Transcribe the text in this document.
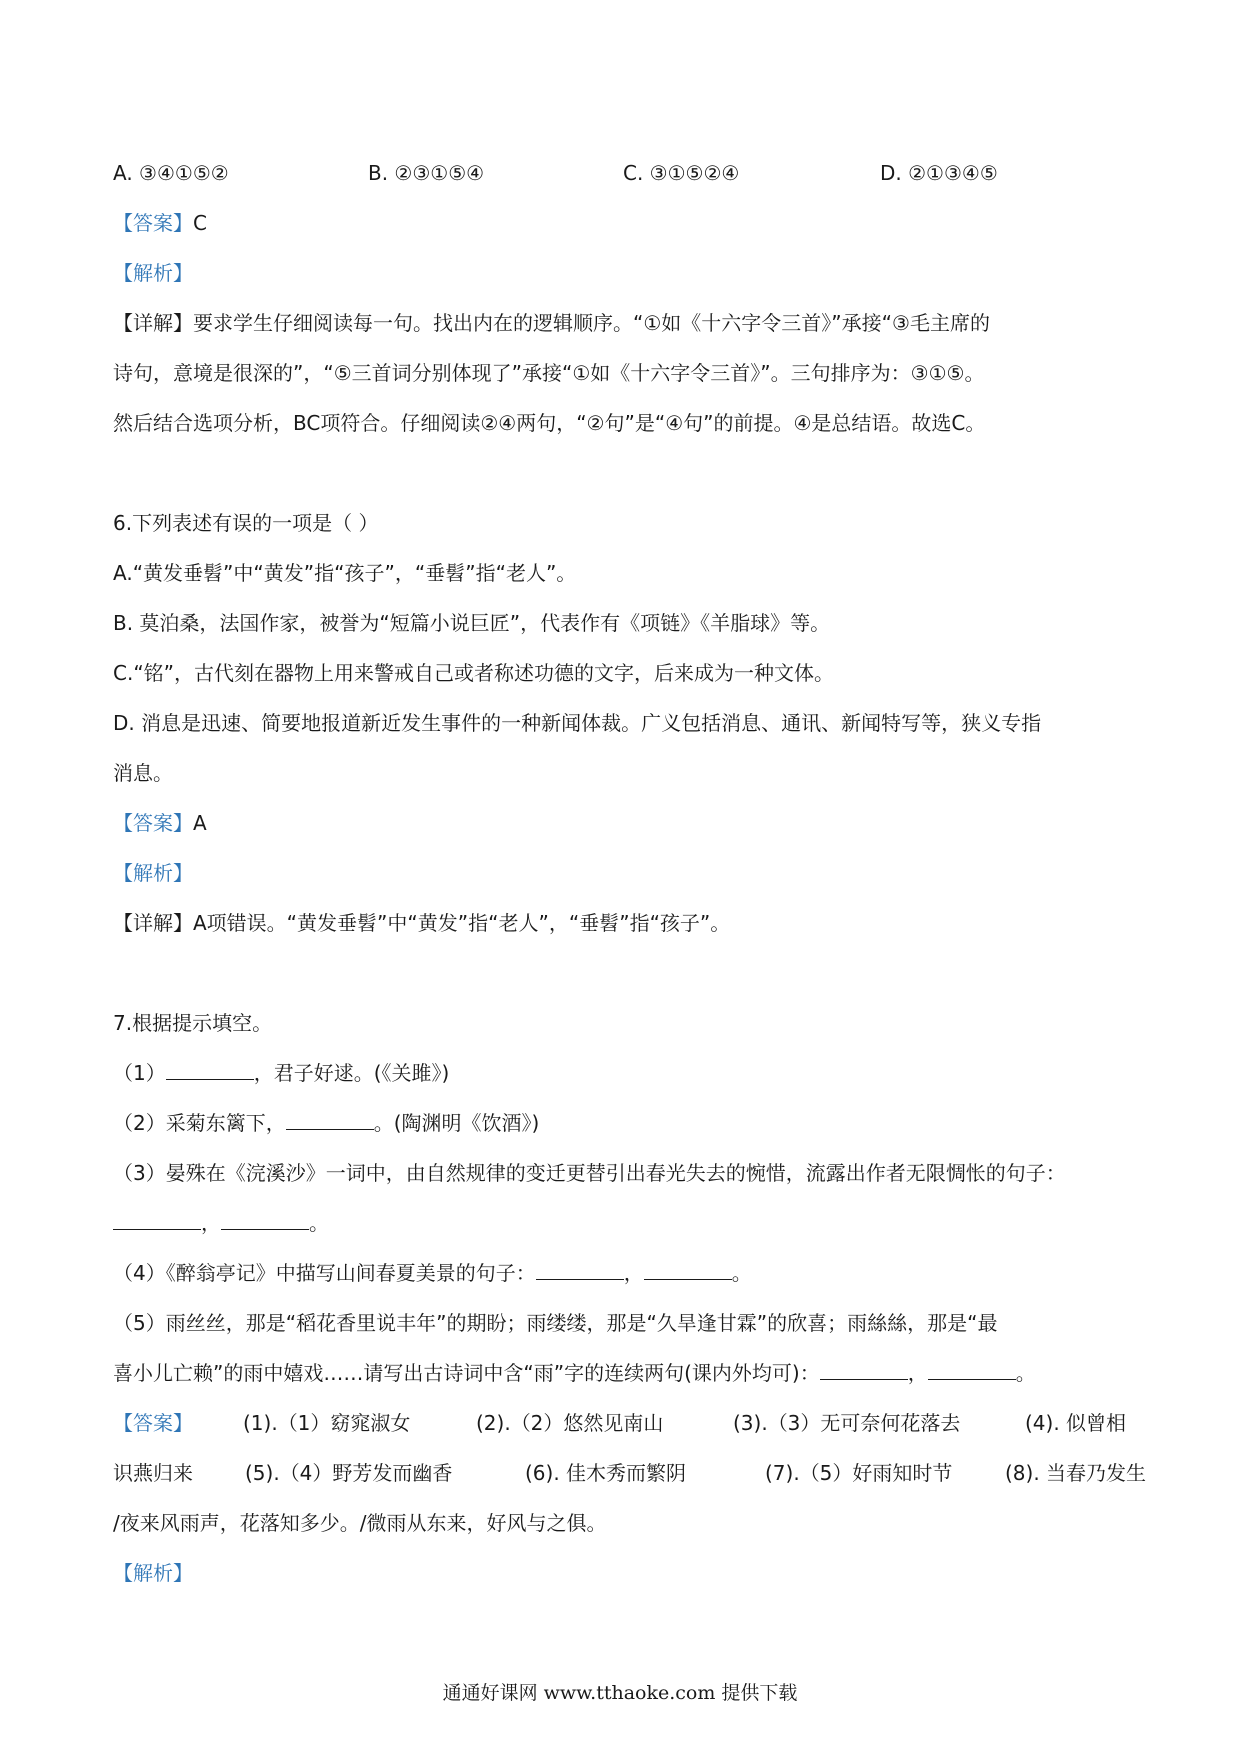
A. ③④①⑤②	B. ②③①⑤④	C. ③①⑤②④	D. ②①③④⑤
【答案】C
【解析】
【详解】要求学生仔细阅读每一句。找出内在的逻辑顺序。“①如《十六字令三首》”承接“③毛主席的
诗句，意境是很深的”，“⑤三首词分别体现了”承接“①如《十六字令三首》”。三句排序为：③①⑤。
然后结合选项分析，BC项符合。仔细阅读②④两句，“②句”是“④句”的前提。④是总结语。故选C。
6.下列表述有误的一项是（ ）
A.“黄发垂髫”中“黄发”指“孩子”，“垂髫”指“老人”。
B. 莫泊桑，法国作家，被誉为“短篇小说巨匠”，代表作有《项链》《羊脂球》等。
C.“铭”，古代刻在器物上用来警戒自己或者称述功德的文字，后来成为一种文体。
D. 消息是迅速、简要地报道新近发生事件的一种新闻体裁。广义包括消息、通讯、新闻特写等，狭义专指
消息。
【答案】A
【解析】
【详解】A项错误。“黄发垂髫”中“黄发”指“老人”，“垂髫”指“孩子”。
7.根据提示填空。
（1）	，君子好逑。(《关雎》)
（2）采菊东篱下，	。(陶渊明《饮酒》)
（3）晏殊在《浣溪沙》一词中，由自然规律的变迁更替引出春光失去的惋惜，流露出作者无限惆怅的句子：
，	。
（4）《醉翁亭记》中描写山间春夏美景的句子：	，	。
（5）雨丝丝，那是“稻花香里说丰年”的期盼；雨缕缕，那是“久旱逢甘霖”的欣喜；雨絲絲，那是“最
喜小儿亡赖”的雨中嬉戏……请写出古诗词中含“雨”字的连续两句(课内外均可)：	，	。
【答案】	(1).（1）窈窕淑女	(2).（2）悠然见南山	(3).（3）无可奈何花落去	(4). 似曾相
识燕归来	(5).（4）野芳发而幽香	(6). 佳木秀而繁阴	(7).（5）好雨知时节	(8). 当春乃发生
/夜来风雨声，花落知多少。/微雨从东来，好风与之俱。
【解析】
通通好课网 www.tthaoke.com 提供下载
